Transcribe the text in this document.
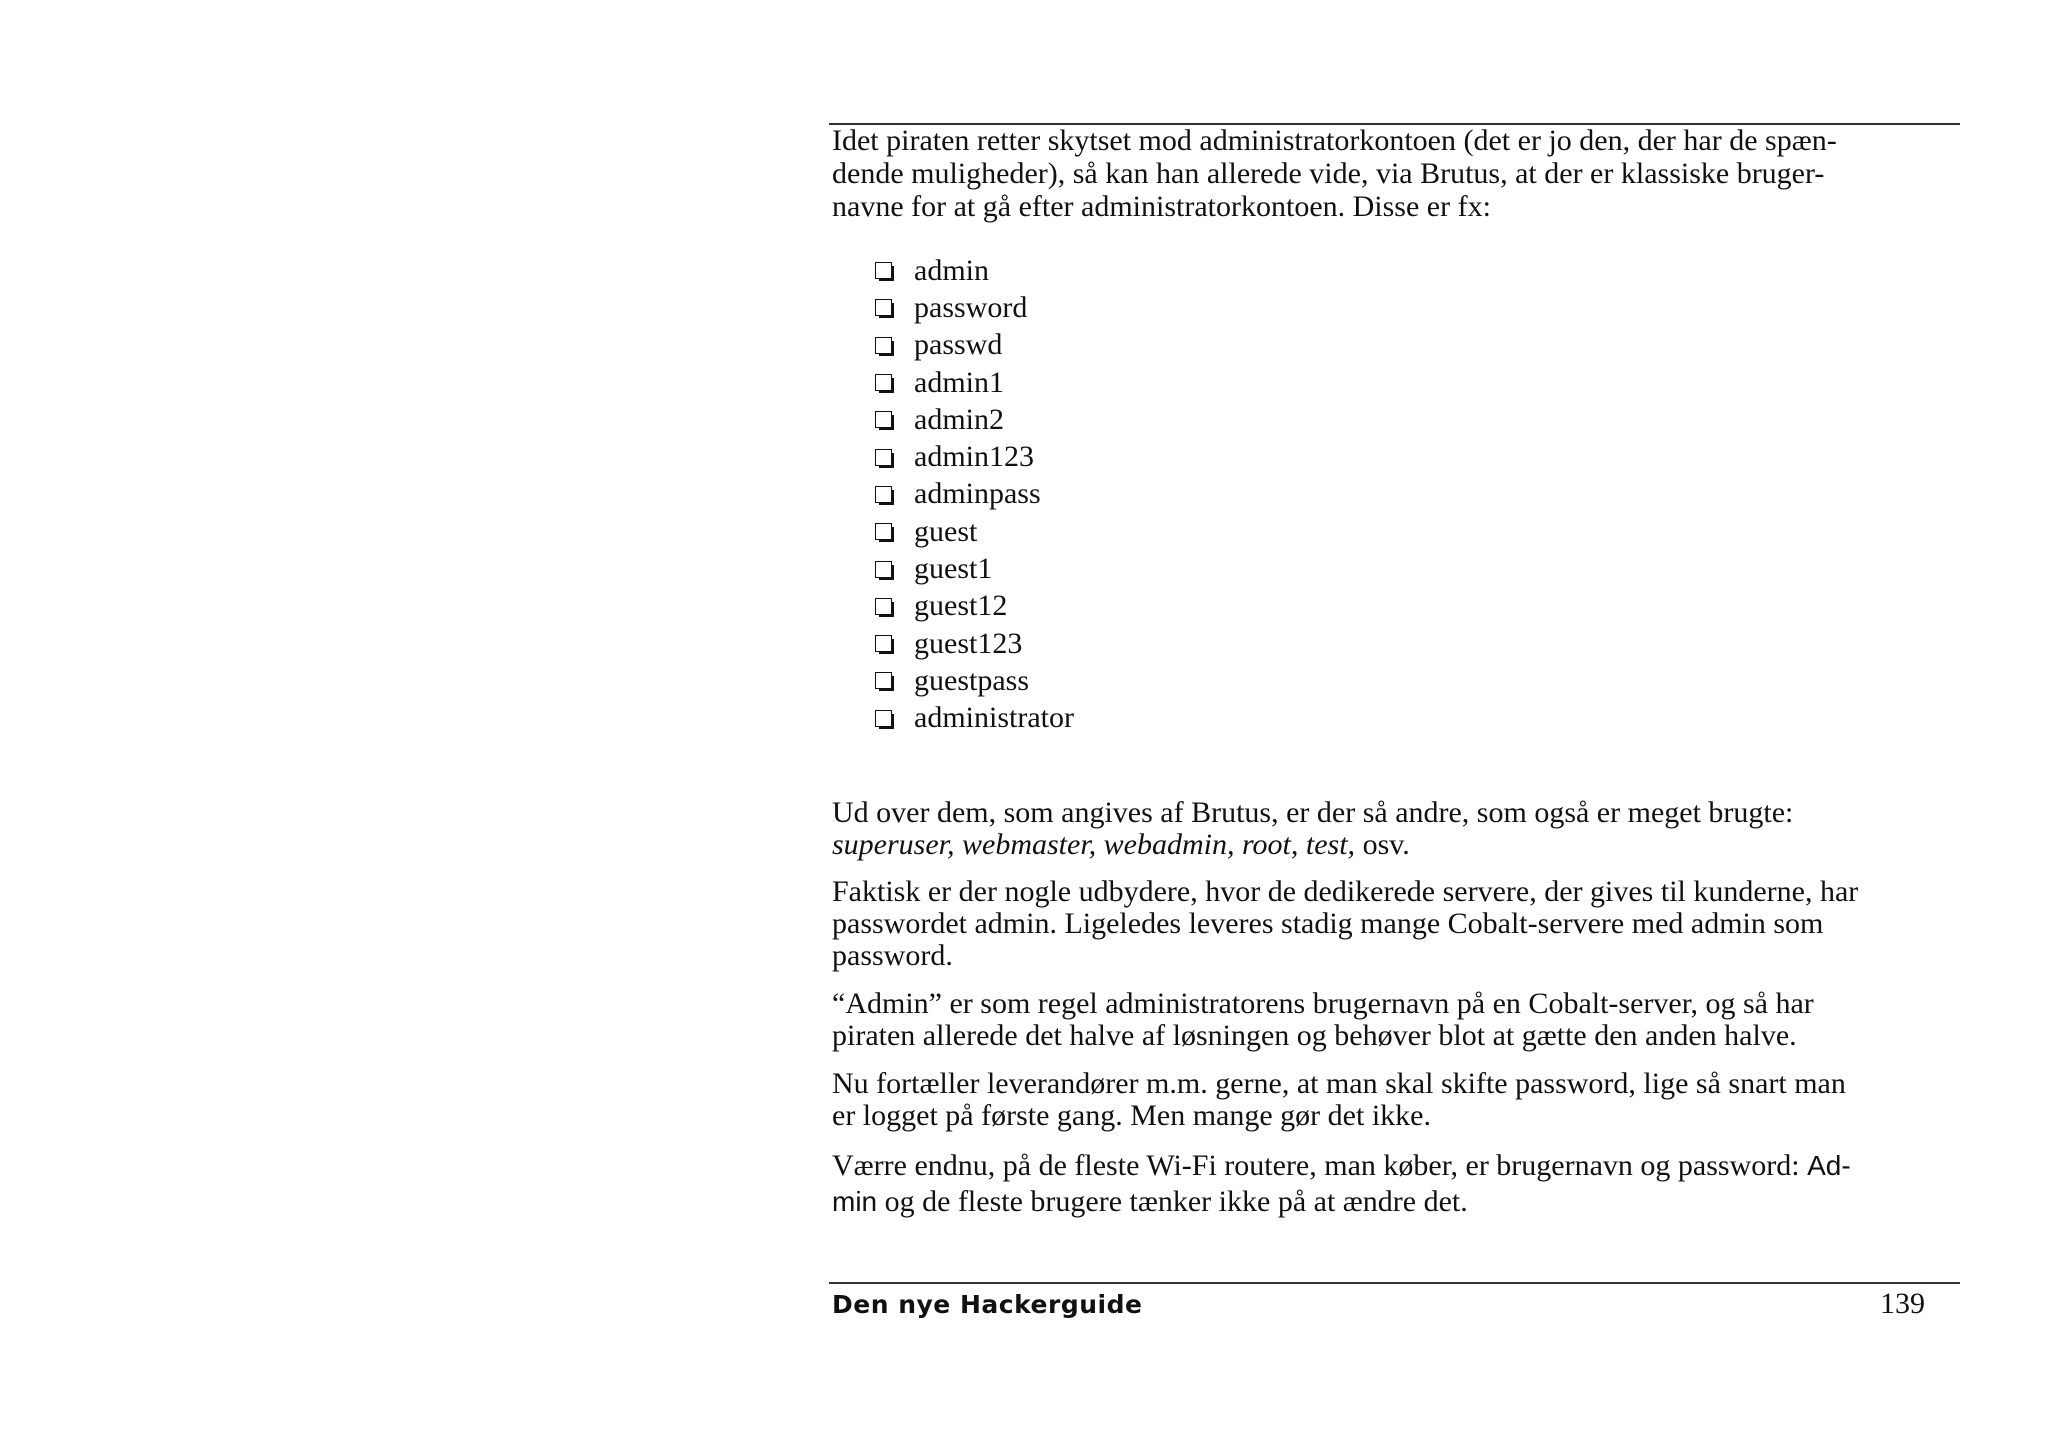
Idet piraten retter skytset mod administratorkontoen (det er jo den, der har de spæn-
dende muligheder), så kan han allerede vide, via Brutus, at der er klassiske bruger-
navne for at gå efter administratorkontoen. Disse er fx:

admin
password
passwd
admin1
admin2
admin123
adminpass
guest
guest1
guest12
guest123
guestpass
administrator

Ud over dem, som angives af Brutus, er der så andre, som også er meget brugte:
superuser, webmaster, webadmin, root, test, osv.

Faktisk er der nogle udbydere, hvor de dedikerede servere, der gives til kunderne, har
passwordet admin. Ligeledes leveres stadig mange Cobalt-servere med admin som
password.

“Admin” er som regel administratorens brugernavn på en Cobalt-server, og så har
piraten allerede det halve af løsningen og behøver blot at gætte den anden halve.

Nu fortæller leverandører m.m. gerne, at man skal skifte password, lige så snart man
er logget på første gang. Men mange gør det ikke.

Værre endnu, på de fleste Wi-Fi routere, man køber, er brugernavn og password: Ad-
min og de fleste brugere tænker ikke på at ændre det.

Den nye Hackerguide	139
